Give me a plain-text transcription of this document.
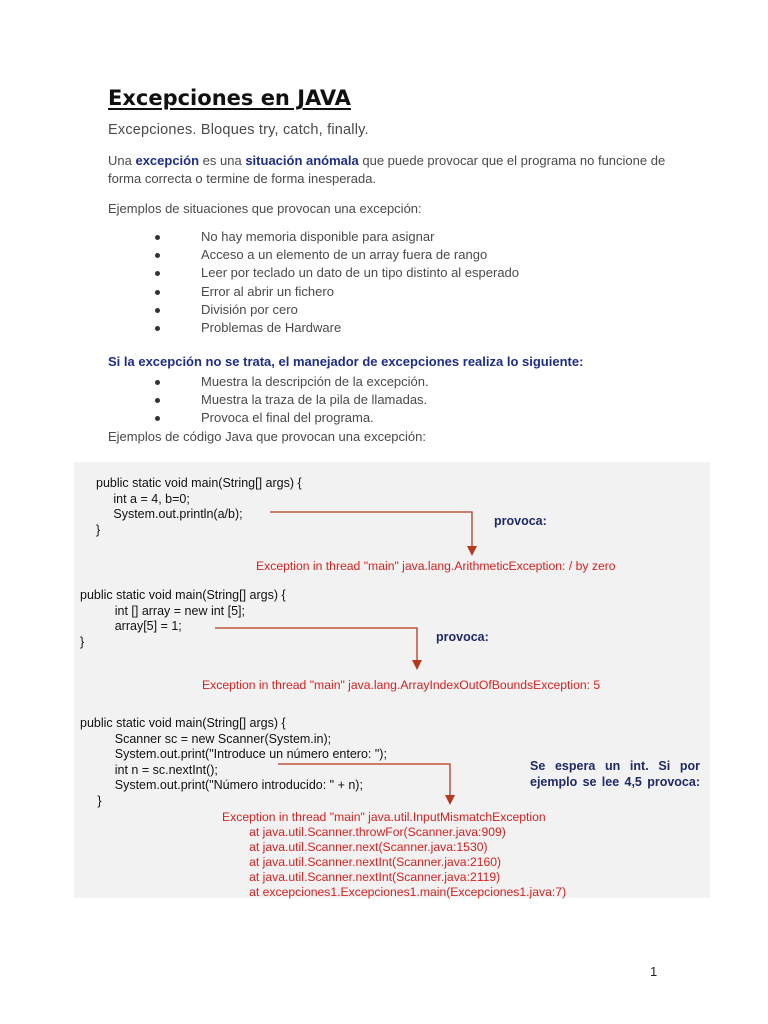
Excepciones en JAVA
Excepciones. Bloques try, catch, finally.
Una excepción es una situación anómala que puede provocar que el programa no funcione de forma correcta o termine de forma inesperada.
Ejemplos de situaciones que provocan una excepción:
No hay memoria disponible para asignar
Acceso a un elemento de un array fuera de rango
Leer por teclado un dato de un tipo distinto al esperado
Error al abrir un fichero
División por cero
Problemas de Hardware
Si la excepción no se trata, el manejador de excepciones realiza lo siguiente:
Muestra la descripción de la excepción.
Muestra la traza de la pila de llamadas.
Provoca el final del programa.
Ejemplos de código Java que provocan una excepción:
public static void main(String[] args) {
int a = 4, b=0;
System.out.println(a/b);
}
provoca:
Exception in thread "main" java.lang.ArithmeticException: / by zero
public static void main(String[] args) {
int [] array = new int [5];
array[5] = 1;
}	provoca:
Exception in thread "main" java.lang.ArrayIndexOutOfBoundsException: 5
public static void main(String[] args) {
Scanner sc = new Scanner(System.in);
System.out.print("Introduce un número entero: ");
int n = sc.nextInt();
System.out.print("Número introducido: " + n);
}
Se espera un int. Si por ejemplo se lee 4,5 provoca:
Exception in thread "main" java.util.InputMismatchException
at java.util.Scanner.throwFor(Scanner.java:909)
at java.util.Scanner.next(Scanner.java:1530)
at java.util.Scanner.nextInt(Scanner.java:2160)
at java.util.Scanner.nextInt(Scanner.java:2119)
at excepciones1.Excepciones1.main(Excepciones1.java:7)
1
